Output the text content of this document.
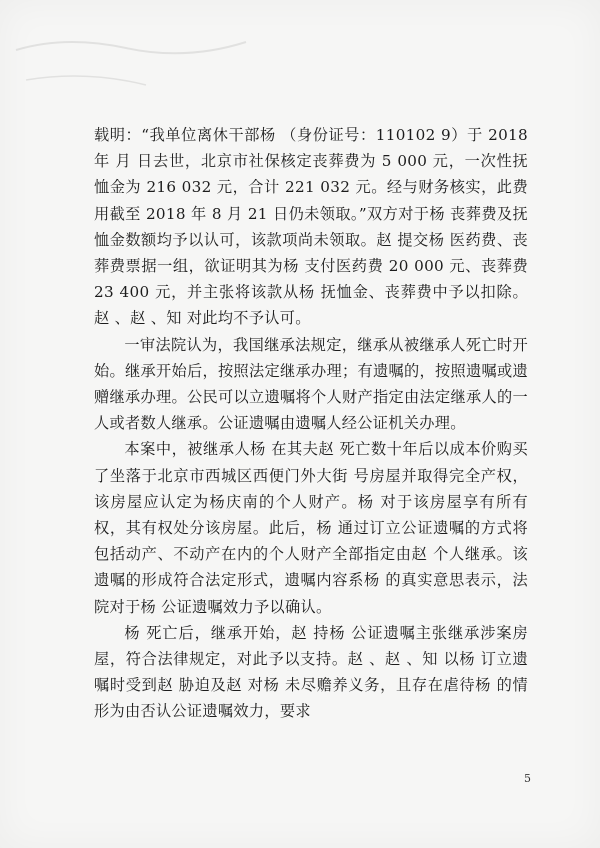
载明：“我单位离休干部杨 （身份证号：110102 9）于 2018 年 月 日去世，北京市社保核定丧葬费为 5 000 元，一次性抚恤金为 216 032 元，合计 221 032 元。经与财务核实，此费用截至 2018 年 8 月 21 日仍未领取。”双方对于杨 丧葬费及抚恤金数额均予以认可，该款项尚未领取。赵 提交杨 医药费、丧葬费票据一组，欲证明其为杨 支付医药费 20 000 元、丧葬费 23 400 元，并主张将该款从杨 抚恤金、丧葬费中予以扣除。赵 、赵 、知 对此均不予认可。

一审法院认为，我国继承法规定，继承从被继承人死亡时开始。继承开始后，按照法定继承办理；有遗嘱的，按照遗嘱或遗赠继承办理。公民可以立遗嘱将个人财产指定由法定继承人的一人或者数人继承。公证遗嘱由遗嘱人经公证机关办理。

本案中，被继承人杨 在其夫赵 死亡数十年后以成本价购买了坐落于北京市西城区西便门外大街 号房屋并取得完全产权，该房屋应认定为杨庆南的个人财产。杨 对于该房屋享有所有权，其有权处分该房屋。此后，杨 通过订立公证遗嘱的方式将包括动产、不动产在内的个人财产全部指定由赵 个人继承。该遗嘱的形成符合法定形式，遗嘱内容系杨 的真实意思表示，法院对于杨 公证遗嘱效力予以确认。

杨 死亡后，继承开始，赵 持杨 公证遗嘱主张继承涉案房屋，符合法律规定，对此予以支持。赵 、赵 、知 以杨 订立遗嘱时受到赵 胁迫及赵 对杨 未尽赡养义务，且存在虐待杨 的情形为由否认公证遗嘱效力，要求

5
